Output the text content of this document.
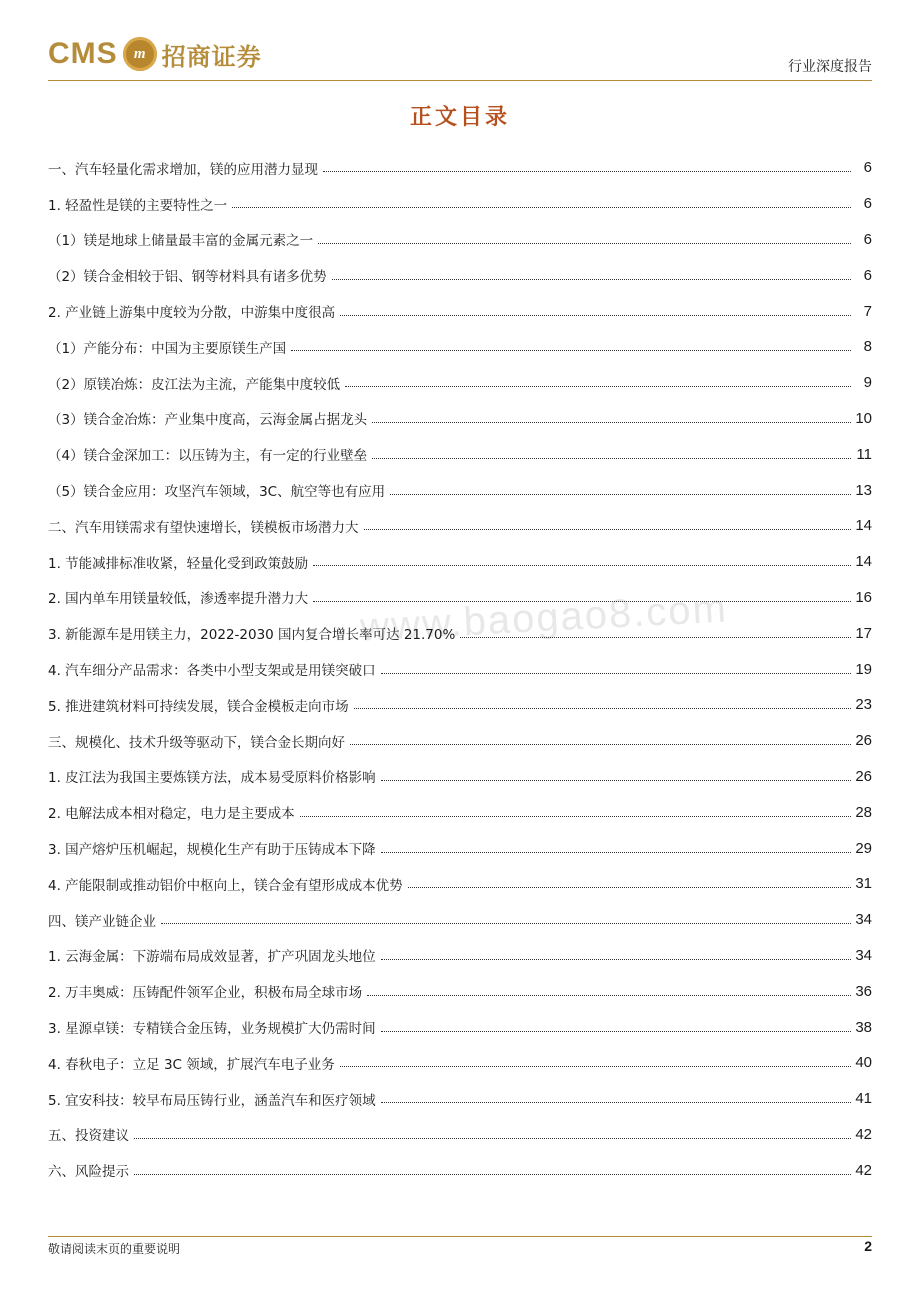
CMS m 招商证券	行业深度报告
正文目录
www.baogao8.com
一、汽车轻量化需求增加，镁的应用潜力显现	6
1. 轻盈性是镁的主要特性之一	6
（1）镁是地球上储量最丰富的金属元素之一	6
（2）镁合金相较于铝、钢等材料具有诸多优势	6
2. 产业链上游集中度较为分散，中游集中度很高	7
（1）产能分布：中国为主要原镁生产国	8
（2）原镁冶炼：皮江法为主流，产能集中度较低	9
（3）镁合金冶炼：产业集中度高，云海金属占据龙头	10
（4）镁合金深加工：以压铸为主，有一定的行业壁垒	11
（5）镁合金应用：攻坚汽车领域，3C、航空等也有应用	13
二、汽车用镁需求有望快速增长，镁模板市场潜力大	14
1. 节能减排标准收紧，轻量化受到政策鼓励	14
2. 国内单车用镁量较低，渗透率提升潜力大	16
3. 新能源车是用镁主力，2022-2030 国内复合增长率可达 21.70%	17
4. 汽车细分产品需求：各类中小型支架或是用镁突破口	19
5. 推进建筑材料可持续发展，镁合金模板走向市场	23
三、规模化、技术升级等驱动下，镁合金长期向好	26
1. 皮江法为我国主要炼镁方法，成本易受原料价格影响	26
2. 电解法成本相对稳定，电力是主要成本	28
3. 国产熔炉压机崛起，规模化生产有助于压铸成本下降	29
4. 产能限制或推动铝价中枢向上，镁合金有望形成成本优势	31
四、镁产业链企业	34
1. 云海金属：下游端布局成效显著，扩产巩固龙头地位	34
2. 万丰奥威：压铸配件领军企业，积极布局全球市场	36
3. 星源卓镁：专精镁合金压铸，业务规模扩大仍需时间	38
4. 春秋电子：立足 3C 领域，扩展汽车电子业务	40
5. 宜安科技：较早布局压铸行业，涵盖汽车和医疗领域	41
五、投资建议	42
六、风险提示	42
敬请阅读末页的重要说明	2
